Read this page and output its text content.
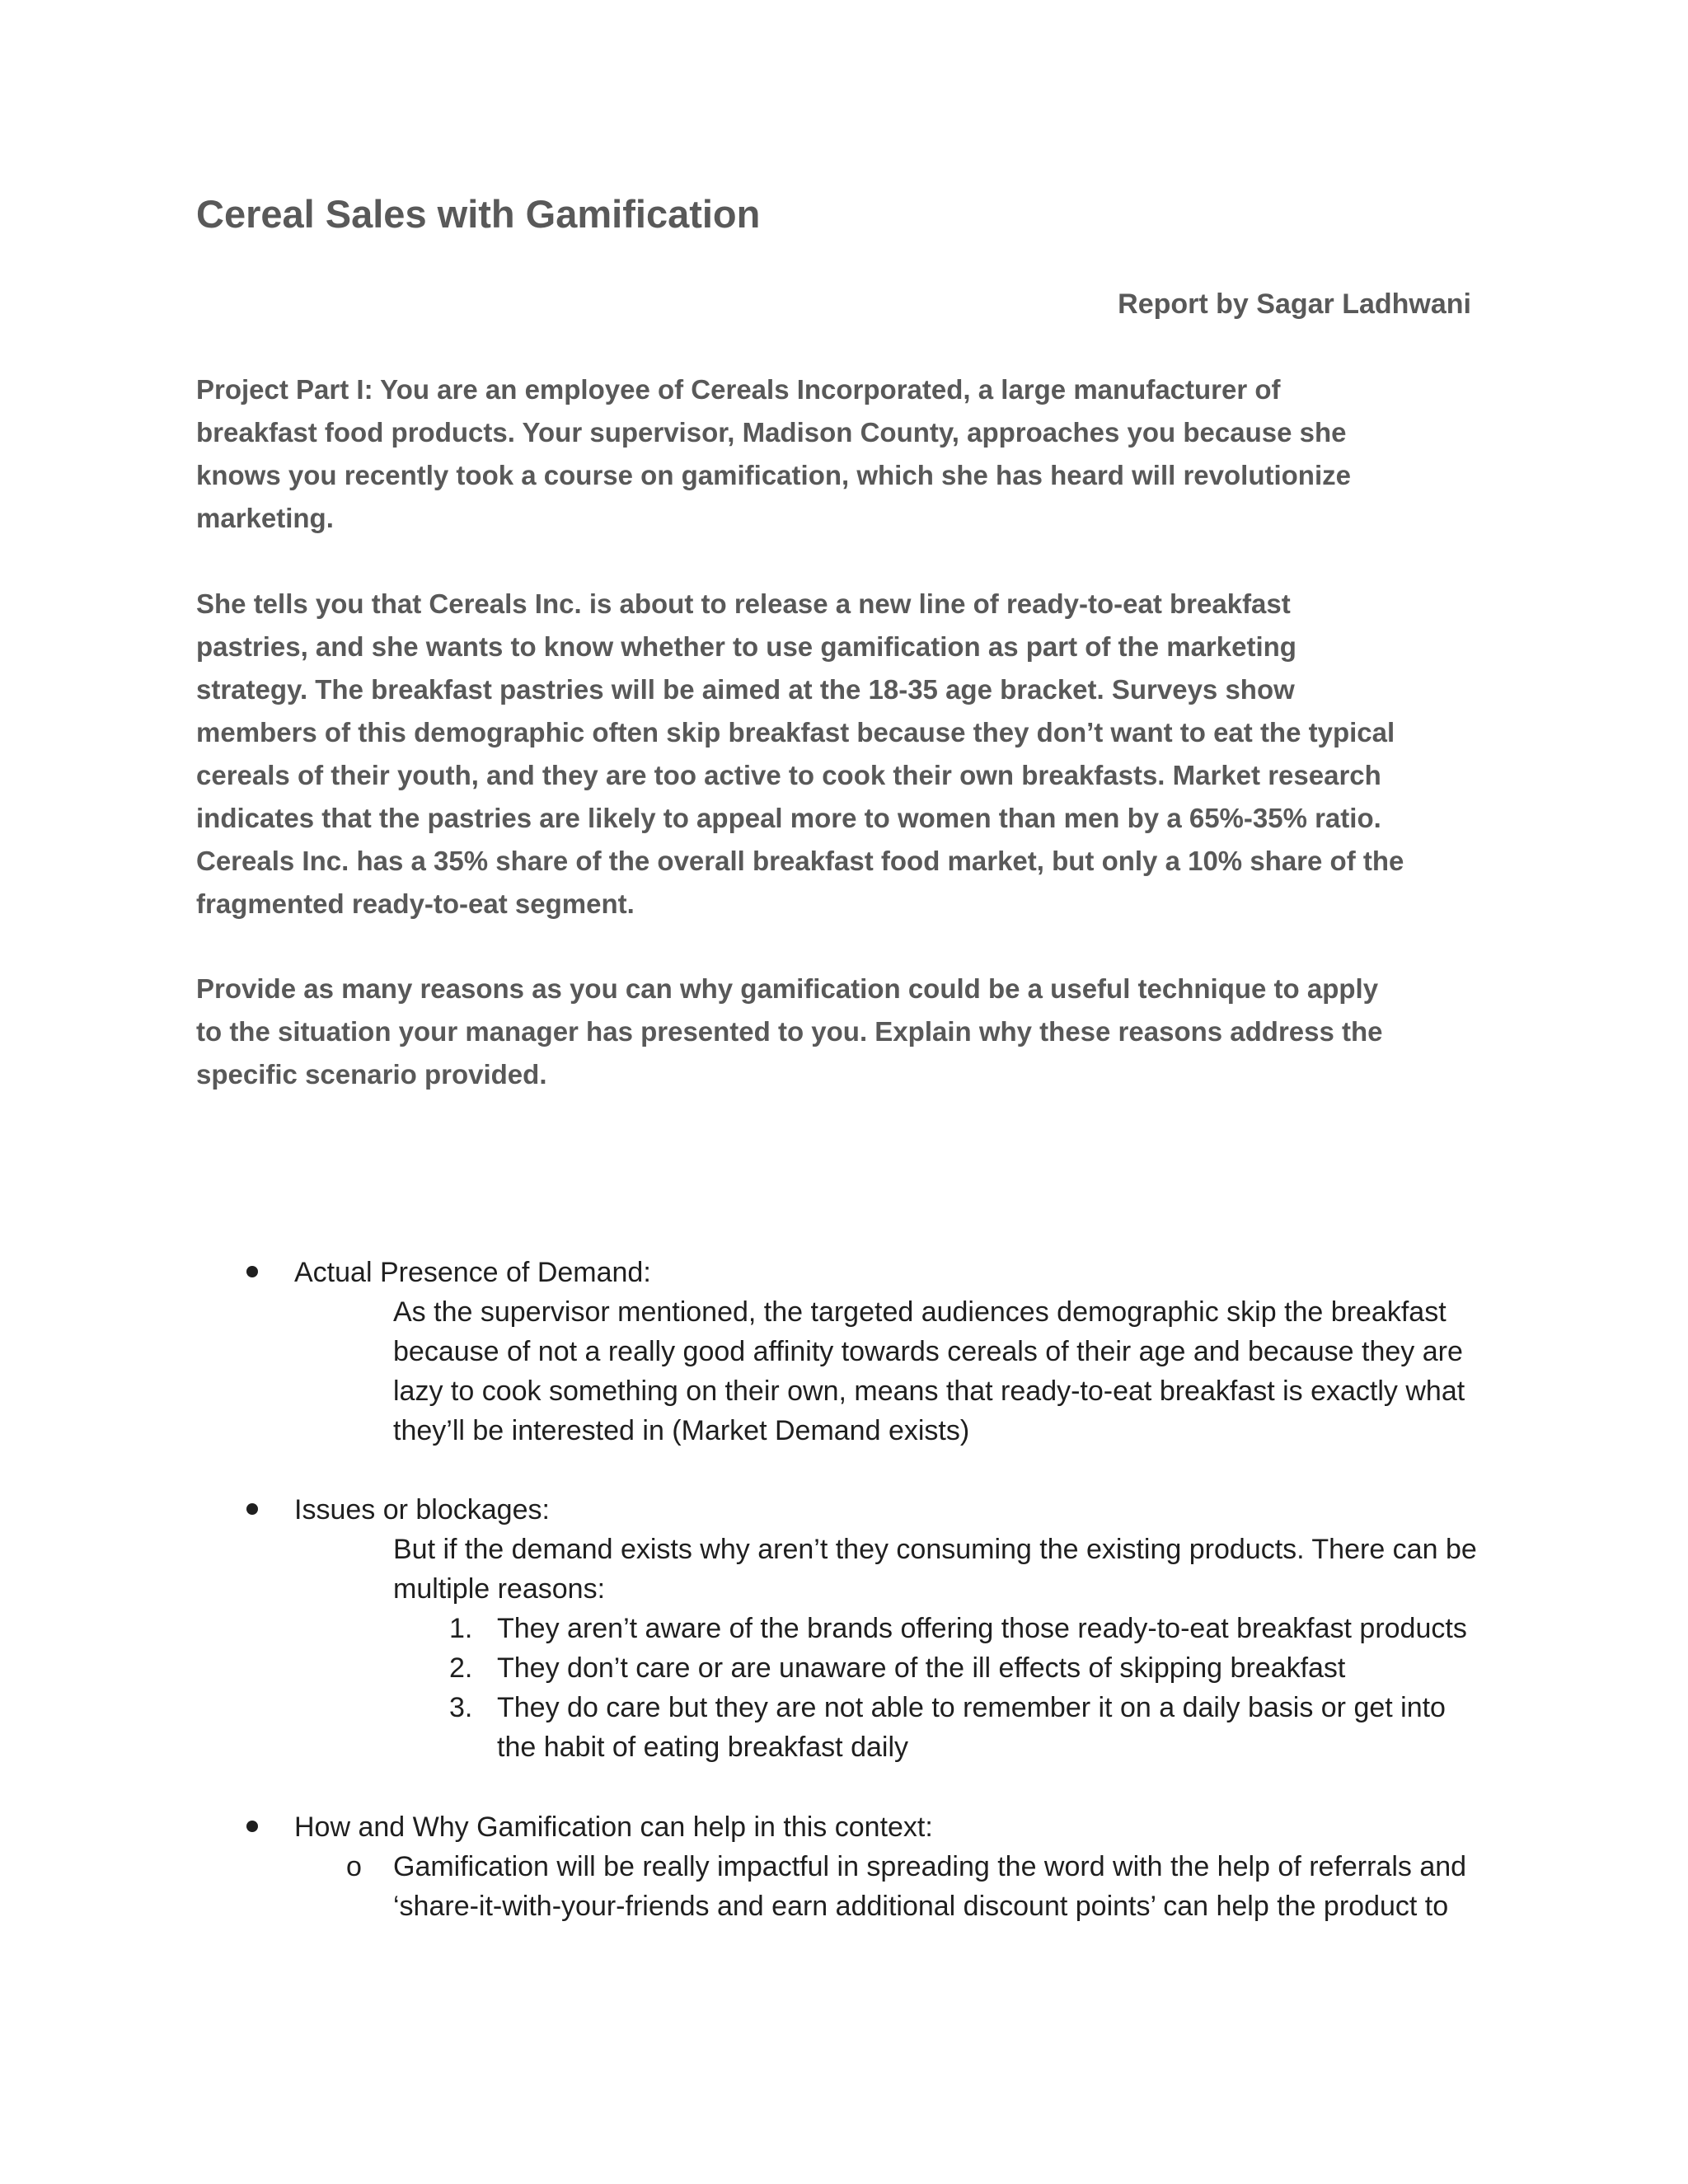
Cereal Sales with Gamification
Report by Sagar Ladhwani
Project Part I: You are an employee of Cereals Incorporated, a large manufacturer of
breakfast food products. Your supervisor, Madison County, approaches you because she
knows you recently took a course on gamification, which she has heard will revolutionize
marketing.
She tells you that Cereals Inc. is about to release a new line of ready-to-eat breakfast
pastries, and she wants to know whether to use gamification as part of the marketing
strategy. The breakfast pastries will be aimed at the 18-35 age bracket. Surveys show
members of this demographic often skip breakfast because they don’t want to eat the typical
cereals of their youth, and they are too active to cook their own breakfasts. Market research
indicates that the pastries are likely to appeal more to women than men by a 65%-35% ratio.
Cereals Inc. has a 35% share of the overall breakfast food market, but only a 10% share of the
fragmented ready-to-eat segment.
Provide as many reasons as you can why gamification could be a useful technique to apply
to the situation your manager has presented to you. Explain why these reasons address the
specific scenario provided.
Actual Presence of Demand:
As the supervisor mentioned, the targeted audiences demographic skip the breakfast
because of not a really good affinity towards cereals of their age and because they are
lazy to cook something on their own, means that ready-to-eat breakfast is exactly what
they’ll be interested in (Market Demand exists)
Issues or blockages:
But if the demand exists why aren’t they consuming the existing products. There can be
multiple reasons:
1. They aren’t aware of the brands offering those ready-to-eat breakfast products
2. They don’t care or are unaware of the ill effects of skipping breakfast
3. They do care but they are not able to remember it on a daily basis or get into
the habit of eating breakfast daily
How and Why Gamification can help in this context:
o Gamification will be really impactful in spreading the word with the help of referrals and
‘share-it-with-your-friends and earn additional discount points’ can help the product to
